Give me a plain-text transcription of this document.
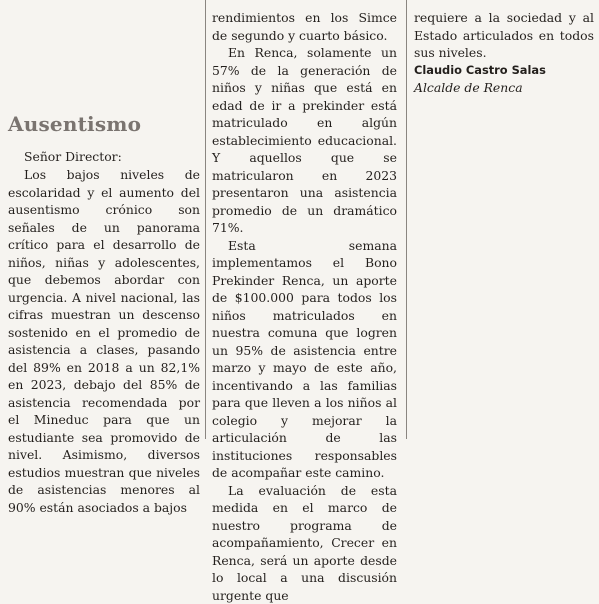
Ausentismo

Señor Director:

Los bajos niveles de escolaridad y el aumento del ausentismo crónico son señales de un panorama crítico para el desarrollo de niños, niñas y adolescentes, que debemos abordar con urgencia. A nivel nacional, las cifras muestran un descenso sostenido en el promedio de asistencia a clases, pasando del 89% en 2018 a un 82,1% en 2023, debajo del 85% de asistencia recomendada por el Mineduc para que un estudiante sea promovido de nivel. Asimismo, diversos estudios muestran que niveles de asistencias menores al 90% están asociados a bajos

rendimientos en los Simce de segundo y cuarto básico.

En Renca, solamente un 57% de la generación de niños y niñas que está en edad de ir a prekinder está matriculado en algún establecimiento educacional. Y aquellos que se matricularon en 2023 presentaron una asistencia promedio de un dramático 71%.

Esta semana implementamos el Bono Prekinder Renca, un aporte de $100.000 para todos los niños matriculados en nuestra comuna que logren un 95% de asistencia entre marzo y mayo de este año, incentivando a las familias para que lleven a los niños al colegio y mejorar la articulación de las instituciones responsables de acompañar este camino.

La evaluación de esta medida en el marco de nuestro programa de acompañamiento, Crecer en Renca, será un aporte desde lo local a una discusión urgente que

requiere a la sociedad y al Estado articulados en todos sus niveles.

Claudio Castro Salas

Alcalde de Renca
